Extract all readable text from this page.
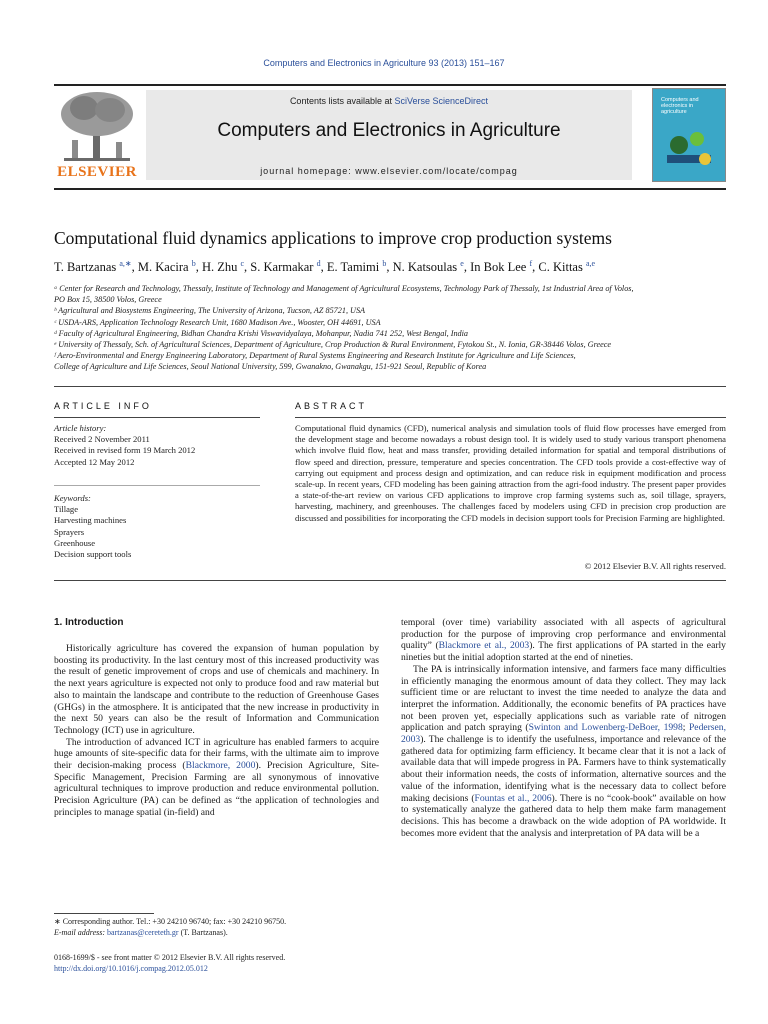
Computers and Electronics in Agriculture 93 (2013) 151–167
ELSEVIER
Contents lists available at SciVerse ScienceDirect
Computers and Electronics in Agriculture
journal homepage: www.elsevier.com/locate/compag
Computers and electronics in agriculture
Computational fluid dynamics applications to improve crop production systems
T. Bartzanas $^{a,∗}$, M. Kacira $^b$, H. Zhu $^c$, S. Karmakar $^d$, E. Tamimi $^b$, N. Katsoulas $^e$, In Bok Lee $^f$, C. Kittas $^{a,e}$
ᵃ Center for Research and Technology, Thessaly, Institute of Technology and Management of Agricultural Ecosystems, Technology Park of Thessaly, 1st Industrial Area of Volos,
PO Box 15, 38500 Volos, Greece
ᵇ Agricultural and Biosystems Engineering, The University of Arizona, Tucson, AZ 85721, USA
ᶜ USDA-ARS, Application Technology Research Unit, 1680 Madison Ave., Wooster, OH 44691, USA
ᵈ Faculty of Agricultural Engineering, Bidhan Chandra Krishi Viswavidyalaya, Mohanpur, Nadia 741 252, West Bengal, India
ᵉ University of Thessaly, Sch. of Agricultural Sciences, Department of Agriculture, Crop Production & Rural Environment, Fytokou St., N. Ionia, GR-38446 Volos, Greece
ᶠ Aero-Environmental and Energy Engineering Laboratory, Department of Rural Systems Engineering and Research Institute for Agriculture and Life Sciences,
College of Agriculture and Life Sciences, Seoul National University, 599, Gwanakno, Gwanakgu, 151-921 Seoul, Republic of Korea
ARTICLE INFO	ABSTRACT
Article history:
Received 2 November 2011
Received in revised form 19 March 2012
Accepted 12 May 2012
Keywords:
Tillage
Harvesting machines
Sprayers
Greenhouse
Decision support tools
Computational fluid dynamics (CFD), numerical analysis and simulation tools of fluid flow processes have emerged from the development stage and become nowadays a robust design tool. It is widely used to study various transport phenomena which involve fluid flow, heat and mass transfer, providing detailed information for spatial and temporal distributions of flow speed and direction, pressure, temperature and species concentration. The CFD tools provide a cost-effective way of carrying out equipment and process design and optimization, and can reduce risk in equipment modification and process scale-up. In recent years, CFD modeling has been gaining attraction from the agri-food industry. The present paper provides a state-of-the-art review on various CFD applications to improve crop farming systems such as, soil tillage, sprayers, harvesting, machinery, and greenhouses. The challenges faced by modelers using CFD in precision crop production are discussed and possibilities for incorporating the CFD models in decision support tools for Precision Farming are highlighted.
© 2012 Elsevier B.V. All rights reserved.
1. Introduction

Historically agriculture has covered the expansion of human population by boosting its productivity. In the last century most of this increased productivity was the result of genetic improvement of crops and use of chemicals and machinery. In the next years agriculture is expected not only to produce food and raw material but also to maintain the landscape and contribute to the reduction of Greenhouse Gases (GHGs) in the atmosphere. It is anticipated that the new increase in productivity in the next 50 years can also be the result of Information and Communication Technology (ICT) use in agriculture.

The introduction of advanced ICT in agriculture has enabled farmers to acquire huge amounts of site-specific data for their farms, with the ultimate aim to improve their decision-making process (Blackmore, 2000). Precision Agriculture, Site-Specific Management, Precision Farming are all synonymous of innovative agricultural techniques to improve production and reduce environmental pollution. Precision Agriculture (PA) can be defined as “the application of technologies and principles to manage spatial (in-field) and

temporal (over time) variability associated with all aspects of agricultural production for the purpose of improving crop performance and environmental quality” (Blackmore et al., 2003). The first applications of PA started in the early nineties but the initial adoption started at the end of nineties.

The PA is intrinsically information intensive, and farmers face many difficulties in efficiently managing the enormous amount of data they collect. They may lack sufficient time or are reluctant to invest the time needed to analyze the data and interpret the information. Additionally, the economic benefits of PA practices have not been proven yet, especially applications such as variable rate of nitrogen application and patch spraying (Swinton and Lowenberg-DeBoer, 1998; Pedersen, 2003). The challenge is to identify the usefulness, importance and relevance of the gathered data for optimizing farm efficiency. It became clear that it is not a lack of available data that will impede progress in PA. Farmers have to think systematically about their information needs, the costs of information, alternative sources and the value of the information, identifying what is the necessary data to collect before making decisions (Fountas et al., 2006). There is no “cook-book” available on how to systematically analyze the gathered data to help them make farm management decisions. This has become a drawback on the wide adoption of PA worldwide. It becomes more evident that the analysis and interpretation of PA data will be a

∗ Corresponding author. Tel.: +30 24210 96740; fax: +30 24210 96750.
E-mail address: bartzanas@cereteth.gr (T. Bartzanas).
0168-1699/$ - see front matter © 2012 Elsevier B.V. All rights reserved.
http://dx.doi.org/10.1016/j.compag.2012.05.012
